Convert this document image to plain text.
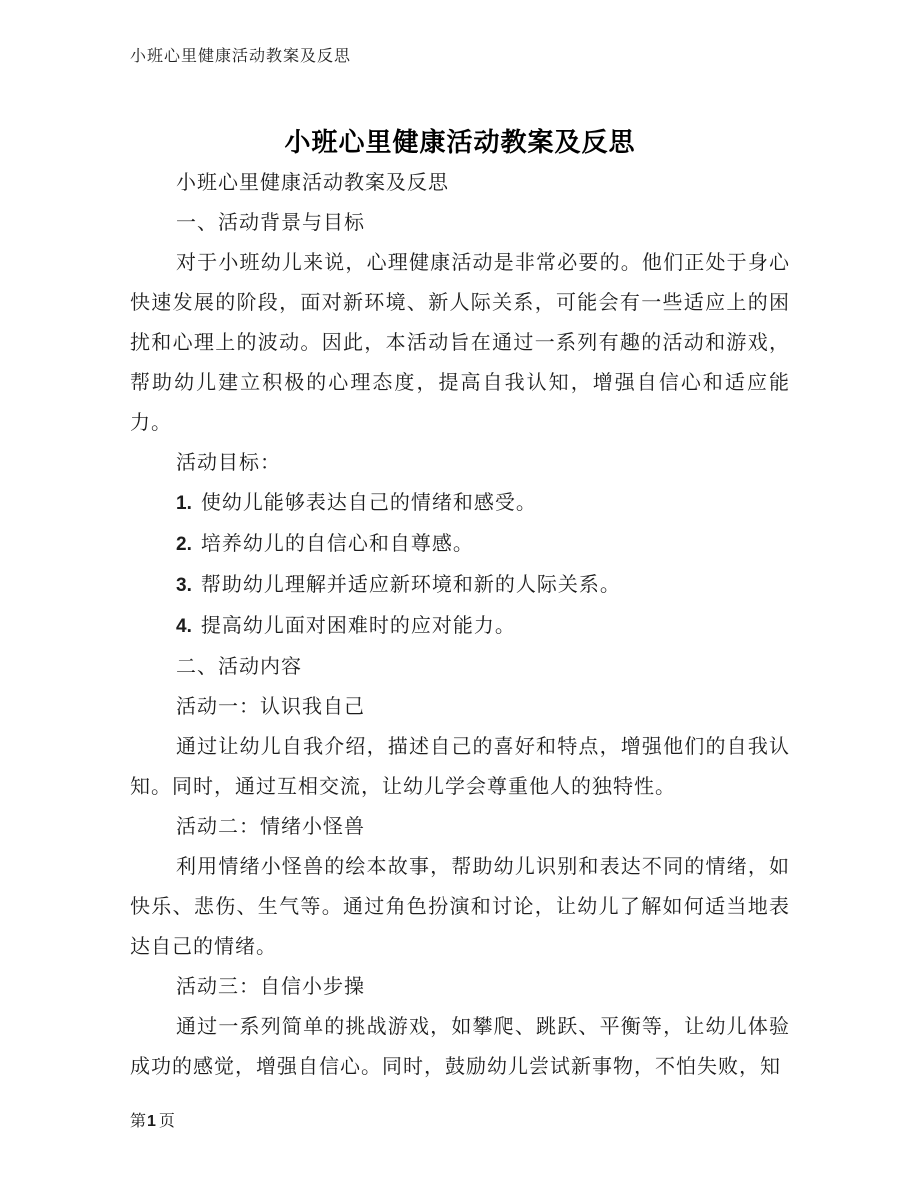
小班心里健康活动教案及反思
小班心里健康活动教案及反思

小班心里健康活动教案及反思

一、活动背景与目标

对于小班幼儿来说，心理健康活动是非常必要的。他们正处于身心快速发展的阶段，面对新环境、新人际关系，可能会有一些适应上的困扰和心理上的波动。因此，本活动旨在通过一系列有趣的活动和游戏，帮助幼儿建立积极的心理态度，提高自我认知，增强自信心和适应能力。

活动目标：

1. 使幼儿能够表达自己的情绪和感受。

2. 培养幼儿的自信心和自尊感。

3. 帮助幼儿理解并适应新环境和新的人际关系。

4. 提高幼儿面对困难时的应对能力。

二、活动内容

活动一：认识我自己

通过让幼儿自我介绍，描述自己的喜好和特点，增强他们的自我认知。同时，通过互相交流，让幼儿学会尊重他人的独特性。

活动二：情绪小怪兽

利用情绪小怪兽的绘本故事，帮助幼儿识别和表达不同的情绪，如快乐、悲伤、生气等。通过角色扮演和讨论，让幼儿了解如何适当地表达自己的情绪。

活动三：自信小步操

通过一系列简单的挑战游戏，如攀爬、跳跃、平衡等，让幼儿体验成功的感觉，增强自信心。同时，鼓励幼儿尝试新事物，不怕失败，知

第1 页
